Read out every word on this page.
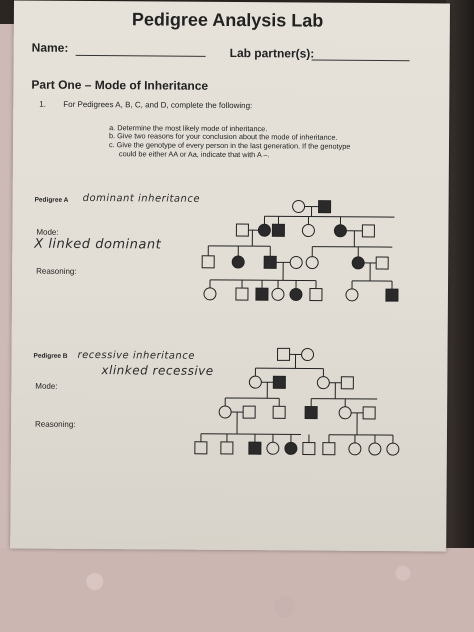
Pedigree Analysis Lab
Name:	Lab partner(s):
Part One – Mode of Inheritance
1. For Pedigrees A, B, C, and D, complete the following:
a. Determine the most likely mode of inheritance.
b. Give two reasons for your conclusion about the mode of inheritance.
c. Give the genotype of every person in the last generation. If the genotype
could be either AA or Aa, indicate that with A –.
Pedigree A dominant inheritance
Mode:
X linked dominant
Reasoning:
Pedigree B recessive inheritance
xlinked recessive
Mode:
Reasoning:
